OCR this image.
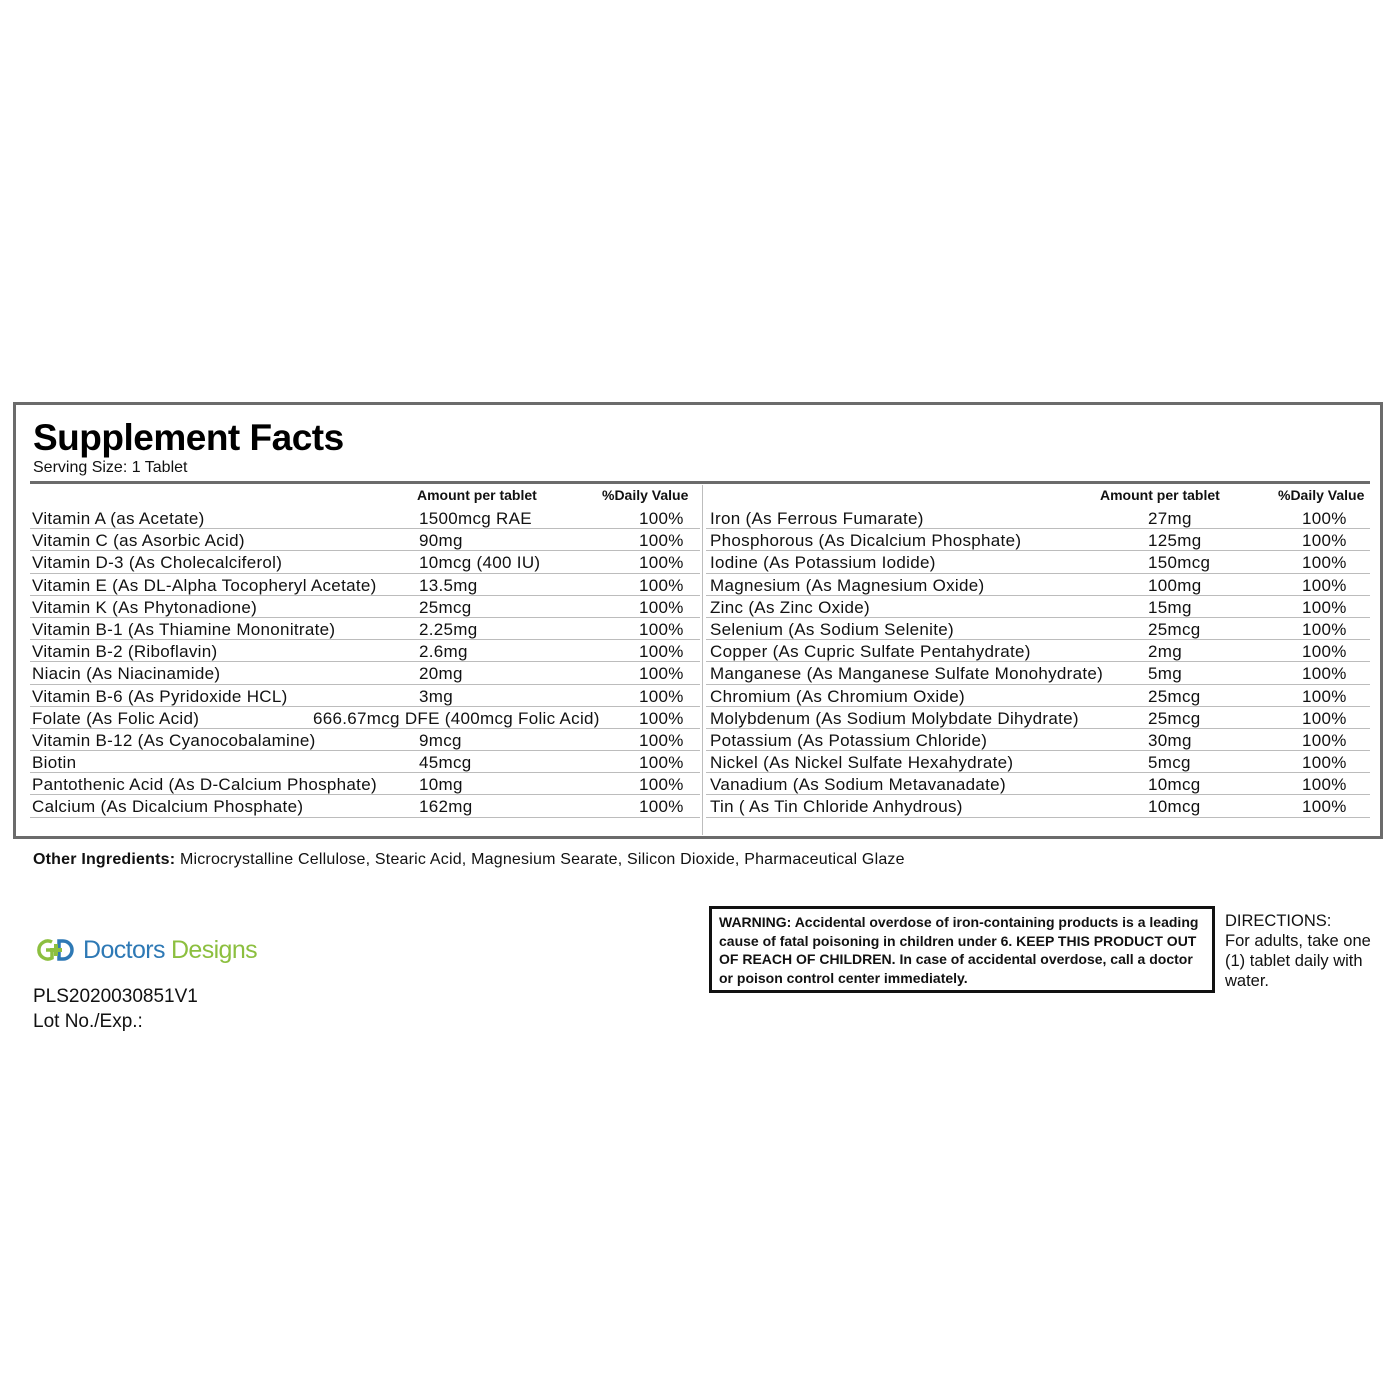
Supplement Facts
Serving Size: 1 Tablet
Amount per tablet	%Daily Value
Vitamin A (as Acetate)	1500mcg RAE	100%
Vitamin C (as Asorbic Acid)	90mg	100%
Vitamin D-3 (As Cholecalciferol)	10mcg (400 IU)	100%
Vitamin E (As DL-Alpha Tocopheryl Acetate) 13.5mg	100%
Vitamin K (As Phytonadione)	25mcg	100%
Vitamin B-1 (As Thiamine Mononitrate)	2.25mg	100%
Vitamin B-2 (Riboflavin)	2.6mg	100%
Niacin (As Niacinamide)	20mg	100%
Vitamin B-6 (As Pyridoxide HCL)	3mg	100%
Folate (As Folic Acid)	666.67mcg DFE (400mcg Folic Acid) 100%
Vitamin B-12 (As Cyanocobalamine)	9mcg	100%
Biotin	45mcg	100%
Pantothenic Acid (As D-Calcium Phosphate) 10mg	100%
Calcium (As Dicalcium Phosphate)	162mg	100%
Amount per tablet	%Daily Value
Iron (As Ferrous Fumarate)	27mg	100%
Phosphorous (As Dicalcium Phosphate)	125mg	100%
Iodine (As Potassium Iodide)	150mcg	100%
Magnesium (As Magnesium Oxide)	100mg	100%
Zinc (As Zinc Oxide)	15mg	100%
Selenium (As Sodium Selenite)	25mcg	100%
Copper (As Cupric Sulfate Pentahydrate)	2mg	100%
Manganese (As Manganese Sulfate Monohydrate)	5mg	100%
Chromium (As Chromium Oxide)	25mcg	100%
Molybdenum (As Sodium Molybdate Dihydrate)	25mcg	100%
Potassium (As Potassium Chloride)	30mg	100%
Nickel (As Nickel Sulfate Hexahydrate)	5mcg	100%
Vanadium (As Sodium Metavanadate)	10mcg	100%
Tin ( As Tin Chloride Anhydrous)	10mcg	100%
Other Ingredients: Microcrystalline Cellulose, Stearic Acid, Magnesium Searate, Silicon Dioxide, Pharmaceutical Glaze
Doctors Designs
PLS2020030851V1
Lot No./Exp.:
WARNING: Accidental overdose of iron-containing products is a leading cause of fatal poisoning in children under 6. KEEP THIS PRODUCT OUT OF REACH OF CHILDREN. In case of accidental overdose, call a doctor or poison control center immediately.
DIRECTIONS:
For adults, take one (1) tablet daily with water.
